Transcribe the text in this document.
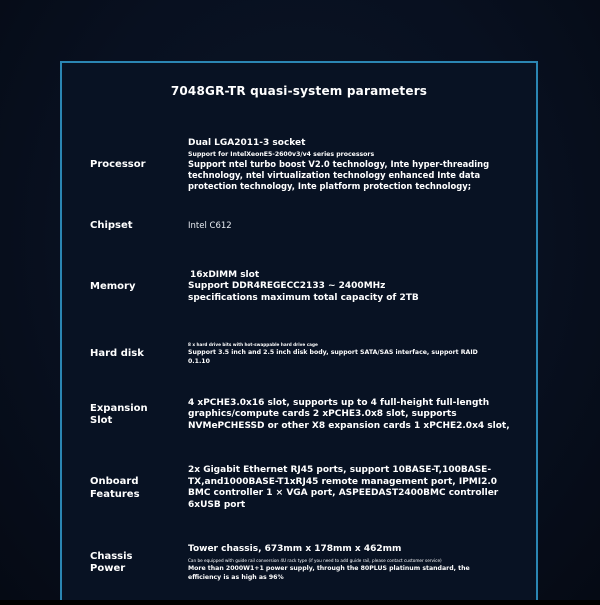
7048GR-TR quasi-system parameters
Processor
Dual LGA2011-3 socket
Support for IntelXeonE5-2600v3/v4 series processors
Support ntel turbo boost V2.0 technology, Inte hyper-threading
technology, ntel virtualization technology enhanced Inte data
protection technology, Inte platform protection technology;
Chipset	Intel C612
Memory
16xDIMM slot
Support DDR4REGECC2133 ~ 2400MHz
specifications maximum total capacity of 2TB
Hard disk
8 x hard drive bits with hot-swappable hard drive cage
Support 3.5 inch and 2.5 inch disk body, support SATA/SAS interface, support RAID
0.1.10
Expansion Slot
4 xPCHE3.0x16 slot, supports up to 4 full-height full-length
graphics/compute cards 2 xPCHE3.0x8 slot, supports
NVMePCHESSD or other X8 expansion cards 1 xPCHE2.0x4 slot,
Onboard
Features
2x Gigabit Ethernet RJ45 ports, support 10BASE-T,100BASE-
TX,and1000BASE-T1xRJ45 remote management port, IPMI2.0
BMC controller 1 × VGA port, ASPEEDAST2400BMC controller
6xUSB port
Chassis Power
Tower chassis, 673mm x 178mm x 462mm
Can be equipped with guide rail conversion 4U rack type (if you need to add guide rail, please contact customer service)
More than 2000W1+1 power supply, through the 80PLUS platinum standard, the
efficiency is as high as 96%
